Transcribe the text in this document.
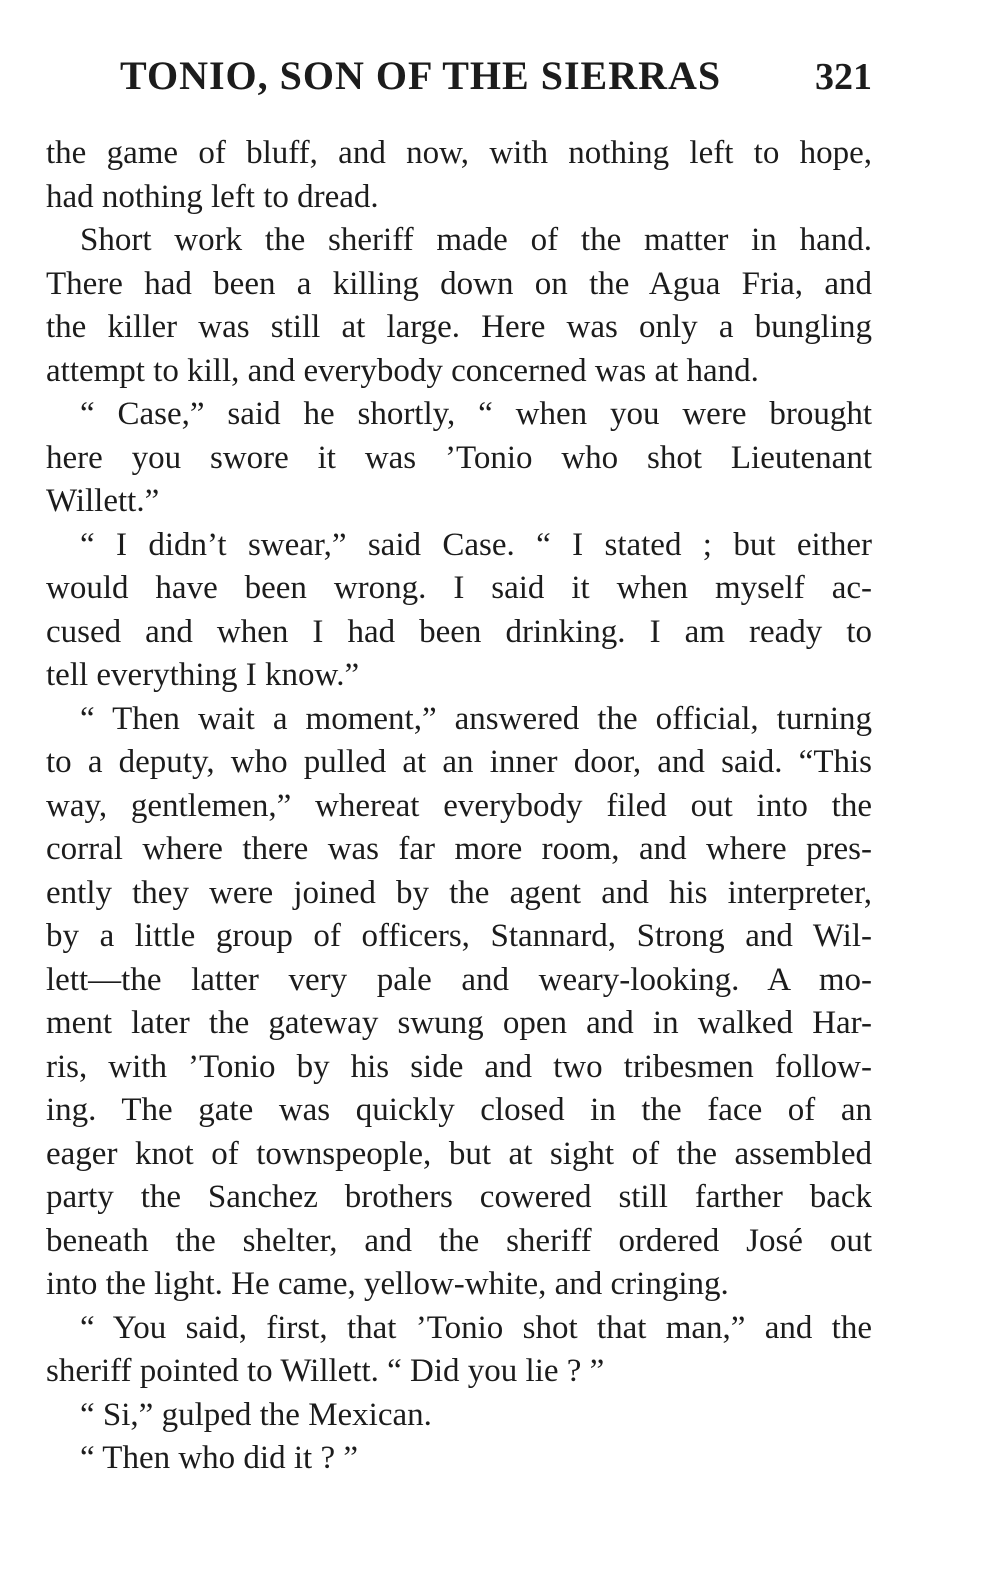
TONIO, SON OF THE SIERRAS 321
the game of bluff, and now, with nothing left to hope,
had nothing left to dread.
Short work the sheriff made of the matter in hand.
There had been a killing down on the Agua Fria, and
the killer was still at large. Here was only a bungling
attempt to kill, and everybody concerned was at hand.
“ Case,” said he shortly, “ when you were brought
here you swore it was ’Tonio who shot Lieutenant
Willett.”
“ I didn’t swear,” said Case. “ I stated ; but either
would have been wrong. I said it when myself ac-
cused and when I had been drinking. I am ready to
tell everything I know.”
“ Then wait a moment,” answered the official, turning
to a deputy, who pulled at an inner door, and said. “This
way, gentlemen,” whereat everybody filed out into the
corral where there was far more room, and where pres-
ently they were joined by the agent and his interpreter,
by a little group of officers, Stannard, Strong and Wil-
lett—the latter very pale and weary-looking. A mo-
ment later the gateway swung open and in walked Har-
ris, with ’Tonio by his side and two tribesmen follow-
ing. The gate was quickly closed in the face of an
eager knot of townspeople, but at sight of the assembled
party the Sanchez brothers cowered still farther back
beneath the shelter, and the sheriff ordered José out
into the light. He came, yellow-white, and cringing.
“ You said, first, that ’Tonio shot that man,” and the
sheriff pointed to Willett. “ Did you lie ? ”
“ Si,” gulped the Mexican.
“ Then who did it ? ”
